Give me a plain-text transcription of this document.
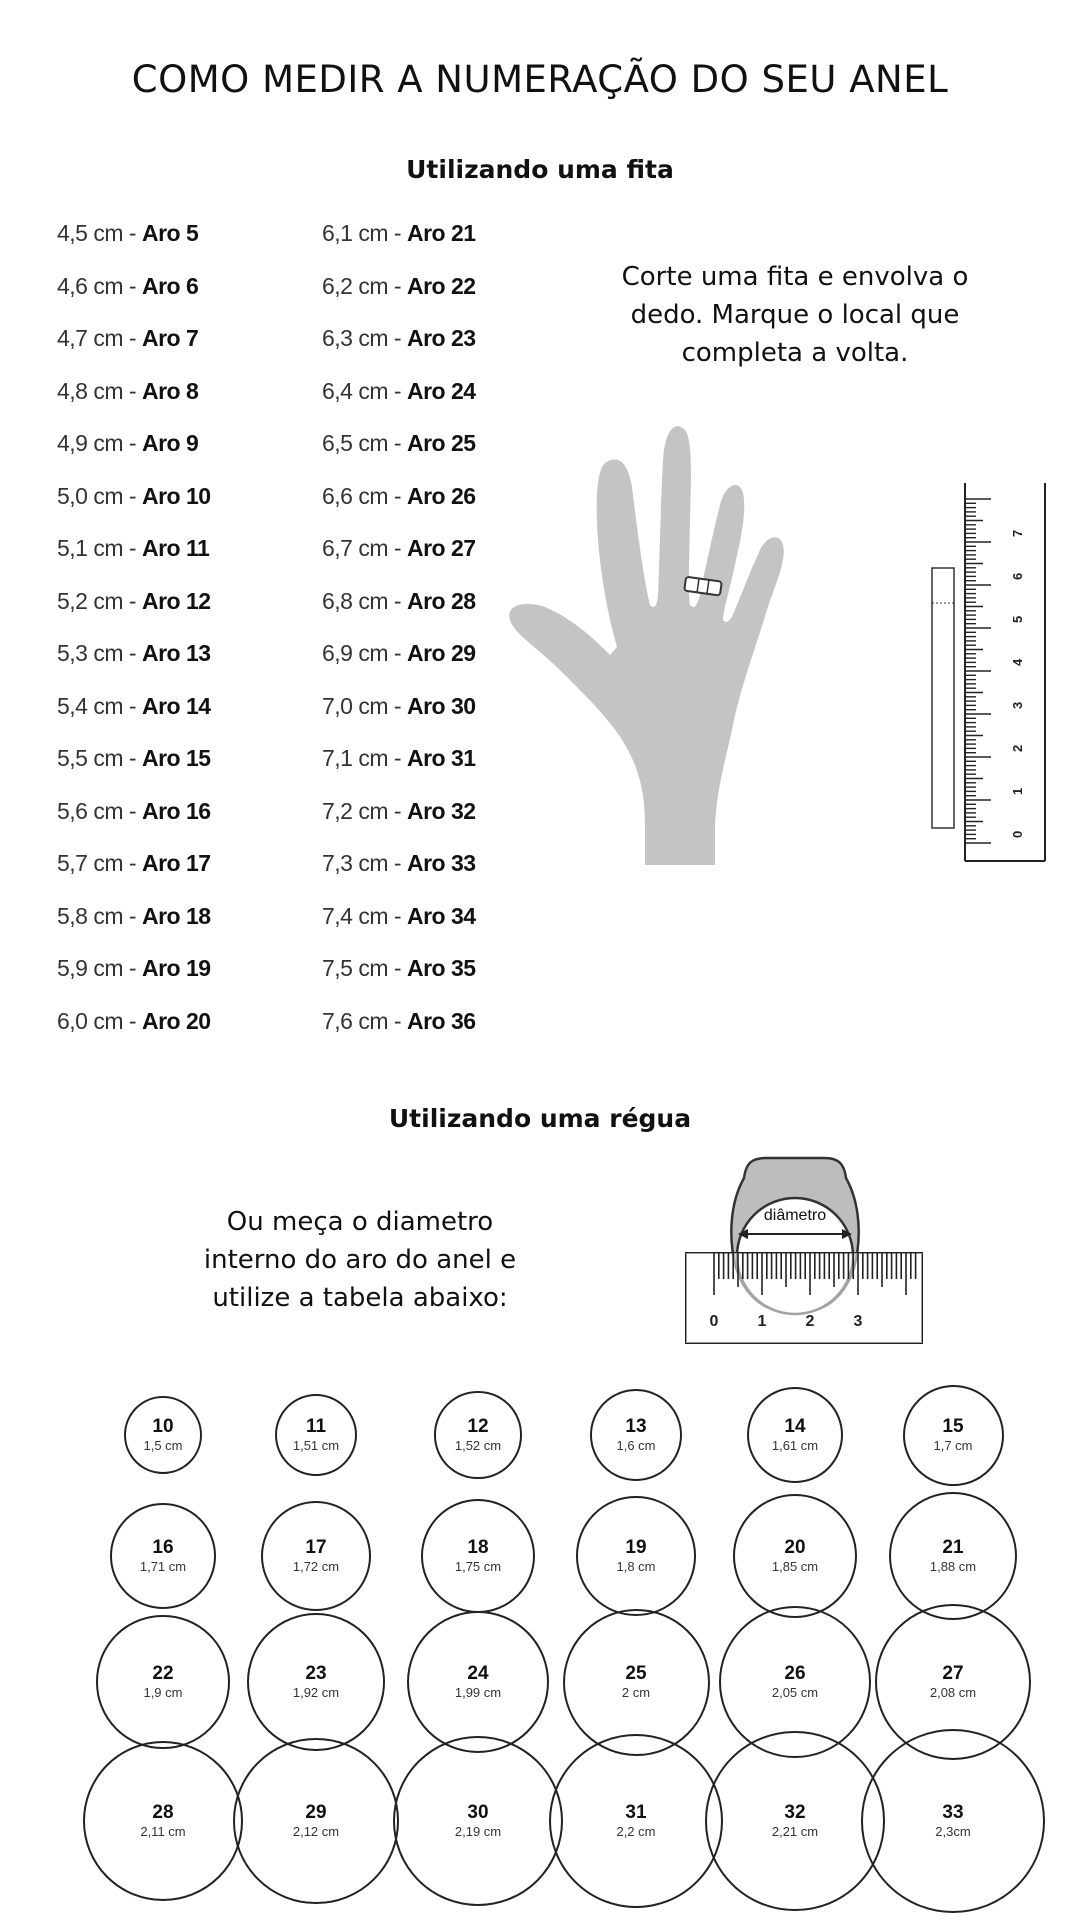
COMO MEDIR A NUMERAÇÃO DO SEU ANEL
Utilizando uma fita
4,5 cm - Aro 5
4,6 cm - Aro 6
4,7 cm - Aro 7
4,8 cm - Aro 8
4,9 cm - Aro 9
5,0 cm - Aro 10
5,1 cm - Aro 11
5,2 cm - Aro 12
5,3 cm - Aro 13
5,4 cm - Aro 14
5,5 cm - Aro 15
5,6 cm - Aro 16
5,7 cm - Aro 17
5,8 cm - Aro 18
5,9 cm - Aro 19
6,0 cm - Aro 20
6,1 cm - Aro 21
6,2 cm - Aro 22
6,3 cm - Aro 23
6,4 cm - Aro 24
6,5 cm - Aro 25
6,6 cm - Aro 26
6,7 cm - Aro 27
6,8 cm - Aro 28
6,9 cm - Aro 29
7,0 cm - Aro 30
7,1 cm - Aro 31
7,2 cm - Aro 32
7,3 cm - Aro 33
7,4 cm - Aro 34
7,5 cm - Aro 35
7,6 cm - Aro 36

Corte uma fita e envolva o dedo. Marque o local que completa a volta.

0
1
2
3
4
5
6
7
Utilizando uma régua

Ou meça o diametro interno do aro do anel e utilize a tabela abaixo:

diâmetro
0 1 2 3
10
1,5 cm
11
1,51 cm
12
1,52 cm
13
1,6 cm
14
1,61 cm
15
1,7 cm
16
1,71 cm
17
1,72 cm
18
1,75 cm
19
1,8 cm
20
1,85 cm
21
1,88 cm
22
1,9 cm
23
1,92 cm
24
1,99 cm
25
2 cm
26
2,05 cm
27
2,08 cm
28
2,11 cm
29
2,12 cm
30
2,19 cm
31
2,2 cm
32
2,21 cm
33
2,3cm
